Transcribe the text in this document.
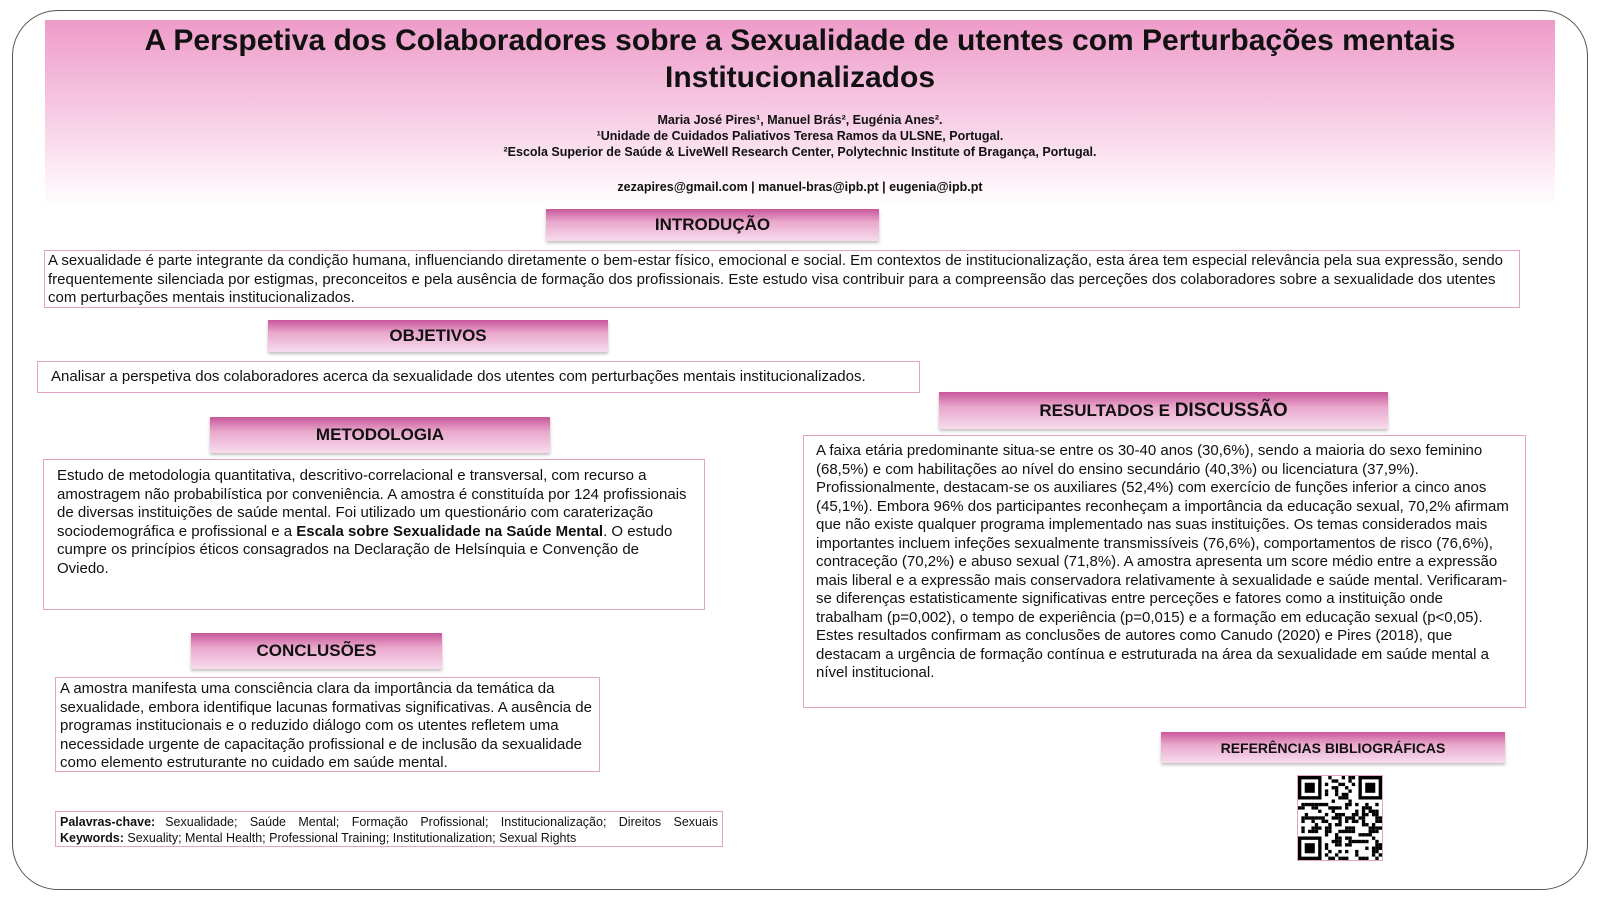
A Perspetiva dos Colaboradores sobre a Sexualidade de utentes com Perturbações mentais Institucionalizados
Maria José Pires¹, Manuel Brás², Eugénia Anes².
¹Unidade de Cuidados Paliativos Teresa Ramos da ULSNE, Portugal.
²Escola Superior de Saúde & LiveWell Research Center, Polytechnic Institute of Bragança, Portugal.
zezapires@gmail.com | manuel-bras@ipb.pt | eugenia@ipb.pt
INTRODUÇÃO
A sexualidade é parte integrante da condição humana, influenciando diretamente o bem-estar físico, emocional e social. Em contextos de institucionalização, esta área tem especial relevância pela sua expressão, sendo frequentemente silenciada por estigmas, preconceitos e pela ausência de formação dos profissionais. Este estudo visa contribuir para a compreensão das perceções dos colaboradores sobre a sexualidade dos utentes com perturbações mentais institucionalizados.
OBJETIVOS
Analisar a perspetiva dos colaboradores acerca da sexualidade dos utentes com perturbações mentais institucionalizados.
METODOLOGIA
Estudo de metodologia quantitativa, descritivo-correlacional e transversal, com recurso a amostragem não probabilística por conveniência. A amostra é constituída por 124 profissionais de diversas instituições de saúde mental. Foi utilizado um questionário com caraterização sociodemográfica e profissional e a Escala sobre Sexualidade na Saúde Mental. O estudo cumpre os princípios éticos consagrados na Declaração de Helsínquia e Convenção de Oviedo.
CONCLUSÕES
A amostra manifesta uma consciência clara da importância da temática da sexualidade, embora identifique lacunas formativas significativas. A ausência de programas institucionais e o reduzido diálogo com os utentes refletem uma necessidade urgente de capacitação profissional e de inclusão da sexualidade como elemento estruturante no cuidado em saúde mental.
RESULTADOS E
DISCUSSÃO
A faixa etária predominante situa-se entre os 30-40 anos (30,6%), sendo a maioria do sexo feminino (68,5%) e com habilitações ao nível do ensino secundário (40,3%) ou licenciatura (37,9%). Profissionalmente, destacam-se os auxiliares (52,4%) com exercício de funções inferior a cinco anos (45,1%). Embora 96% dos participantes reconheçam a importância da educação sexual, 70,2% afirmam que não existe qualquer programa implementado nas suas instituições. Os temas considerados mais importantes incluem infeções sexualmente transmissíveis (76,6%), comportamentos de risco (76,6%), contraceção (70,2%) e abuso sexual (71,8%). A amostra apresenta um score médio entre a expressão mais liberal e a expressão mais conservadora relativamente à sexualidade e saúde mental. Verificaram-se diferenças estatisticamente significativas entre perceções e fatores como a instituição onde trabalham (p=0,002), o tempo de experiência (p=0,015) e a formação em educação sexual (p<0,05). Estes resultados confirmam as conclusões de autores como Canudo (2020) e Pires (2018), que destacam a urgência de formação contínua e estruturada na área da sexualidade em saúde mental a nível institucional.
REFERÊNCIAS BIBLIOGRÁFICAS
Palavras-chave: Sexualidade; Saúde Mental; Formação Profissional; Institucionalização; Direitos Sexuais
Keywords: Sexuality; Mental Health; Professional Training; Institutionalization; Sexual Rights
